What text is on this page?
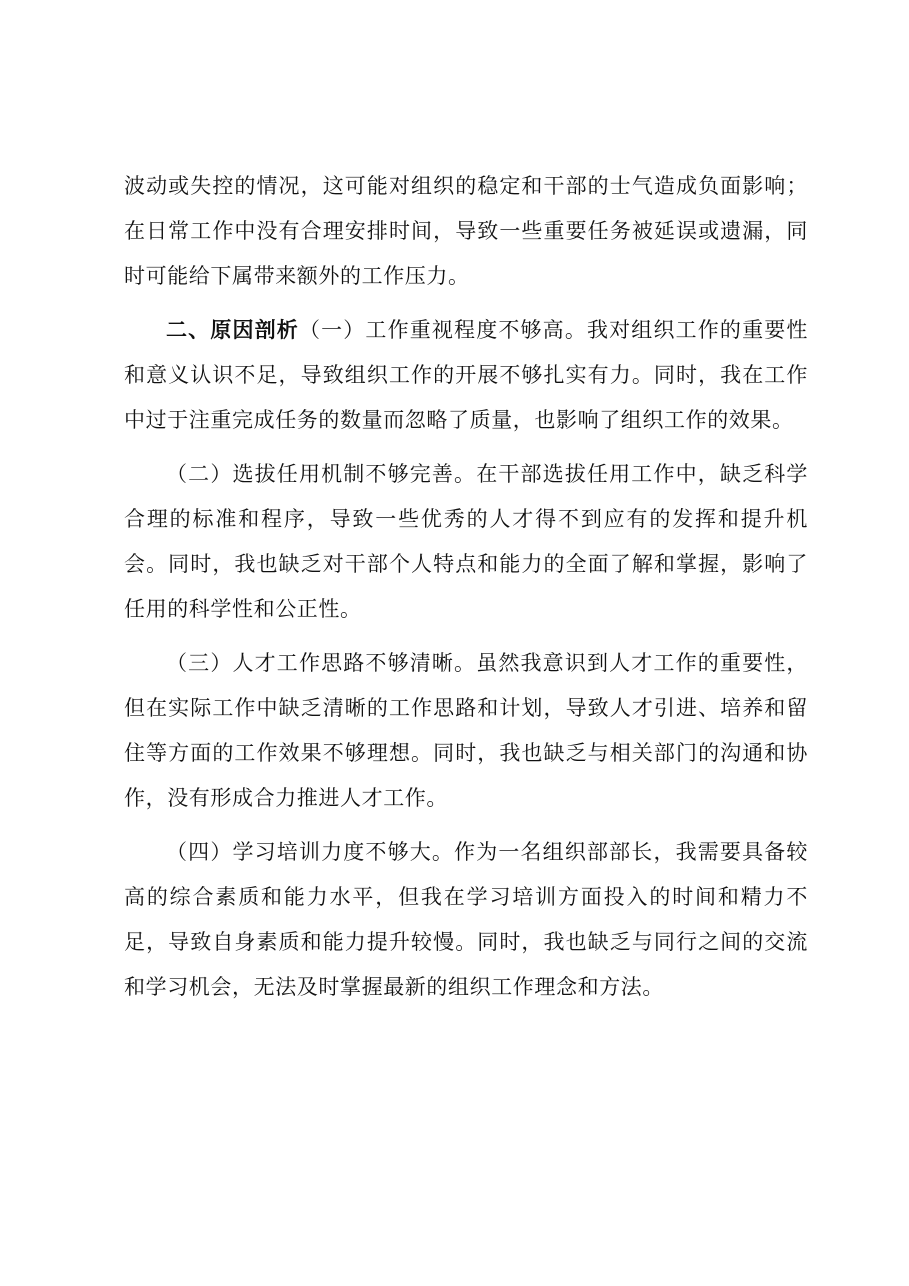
波动或失控的情况，这可能对组织的稳定和干部的士气造成负面影响；在日常工作中没有合理安排时间，导致一些重要任务被延误或遗漏，同时可能给下属带来额外的工作压力。

二、原因剖析（一）工作重视程度不够高。我对组织工作的重要性和意义认识不足，导致组织工作的开展不够扎实有力。同时，我在工作中过于注重完成任务的数量而忽略了质量，也影响了组织工作的效果。

（二）选拔任用机制不够完善。在干部选拔任用工作中，缺乏科学合理的标准和程序，导致一些优秀的人才得不到应有的发挥和提升机会。同时，我也缺乏对干部个人特点和能力的全面了解和掌握，影响了任用的科学性和公正性。

（三）人才工作思路不够清晰。虽然我意识到人才工作的重要性，但在实际工作中缺乏清晰的工作思路和计划，导致人才引进、培养和留住等方面的工作效果不够理想。同时，我也缺乏与相关部门的沟通和协作，没有形成合力推进人才工作。

（四）学习培训力度不够大。作为一名组织部部长，我需要具备较高的综合素质和能力水平，但我在学习培训方面投入的时间和精力不足，导致自身素质和能力提升较慢。同时，我也缺乏与同行之间的交流和学习机会，无法及时掌握最新的组织工作理念和方法。
